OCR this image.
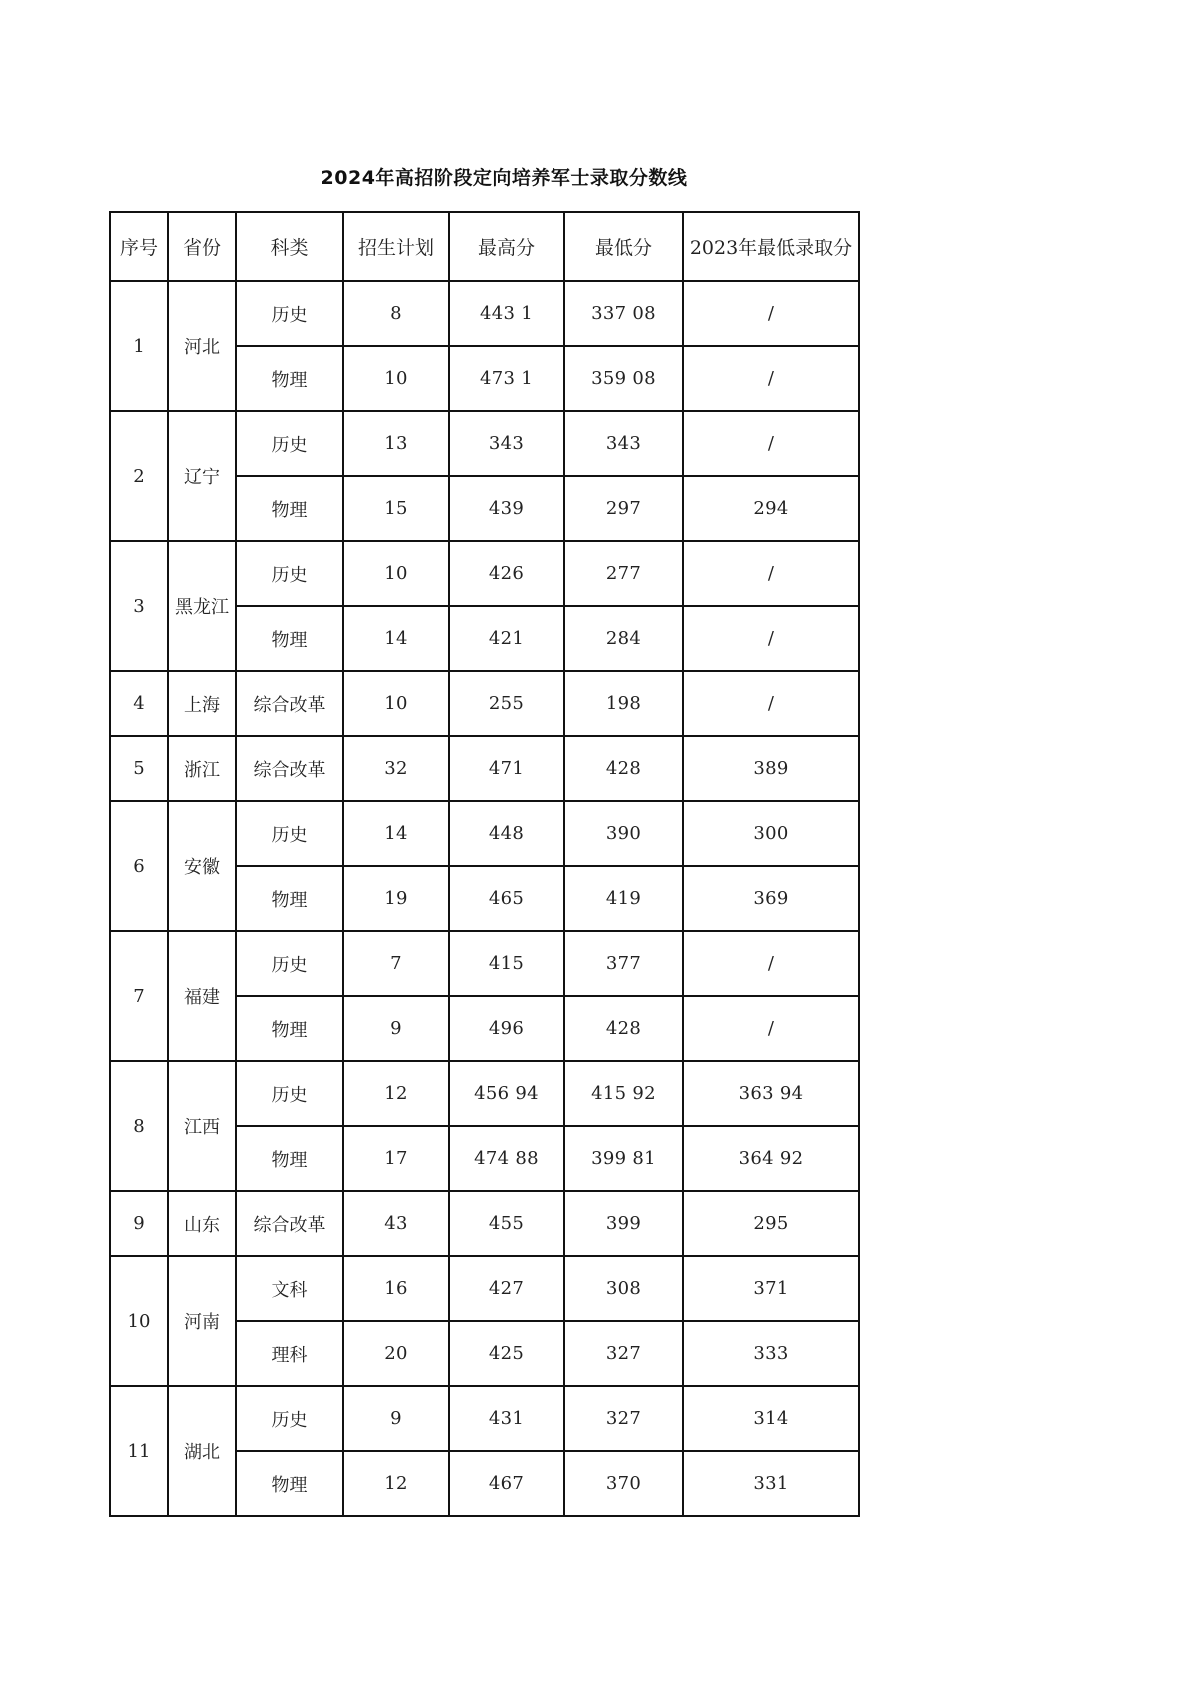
2024年高招阶段定向培养军士录取分数线
序号	省份	科类	招生计划	最高分	最低分	2023年最低录取分
1	河北	历史	8	443 1	337 08	/
		物理	10	473 1	359 08	/
2	辽宁	历史	13	343	343	/
		物理	15	439	297	294
3	黑龙江	历史	10	426	277	/
		物理	14	421	284	/
4	上海	综合改革	10	255	198	/
5	浙江	综合改革	32	471	428	389
6	安徽	历史	14	448	390	300
		物理	19	465	419	369
7	福建	历史	7	415	377	/
		物理	9	496	428	/
8	江西	历史	12	456 94	415 92	363 94
		物理	17	474 88	399 81	364 92
9	山东	综合改革	43	455	399	295
10	河南	文科	16	427	308	371
		理科	20	425	327	333
11	湖北	历史	9	431	327	314
		物理	12	467	370	331
